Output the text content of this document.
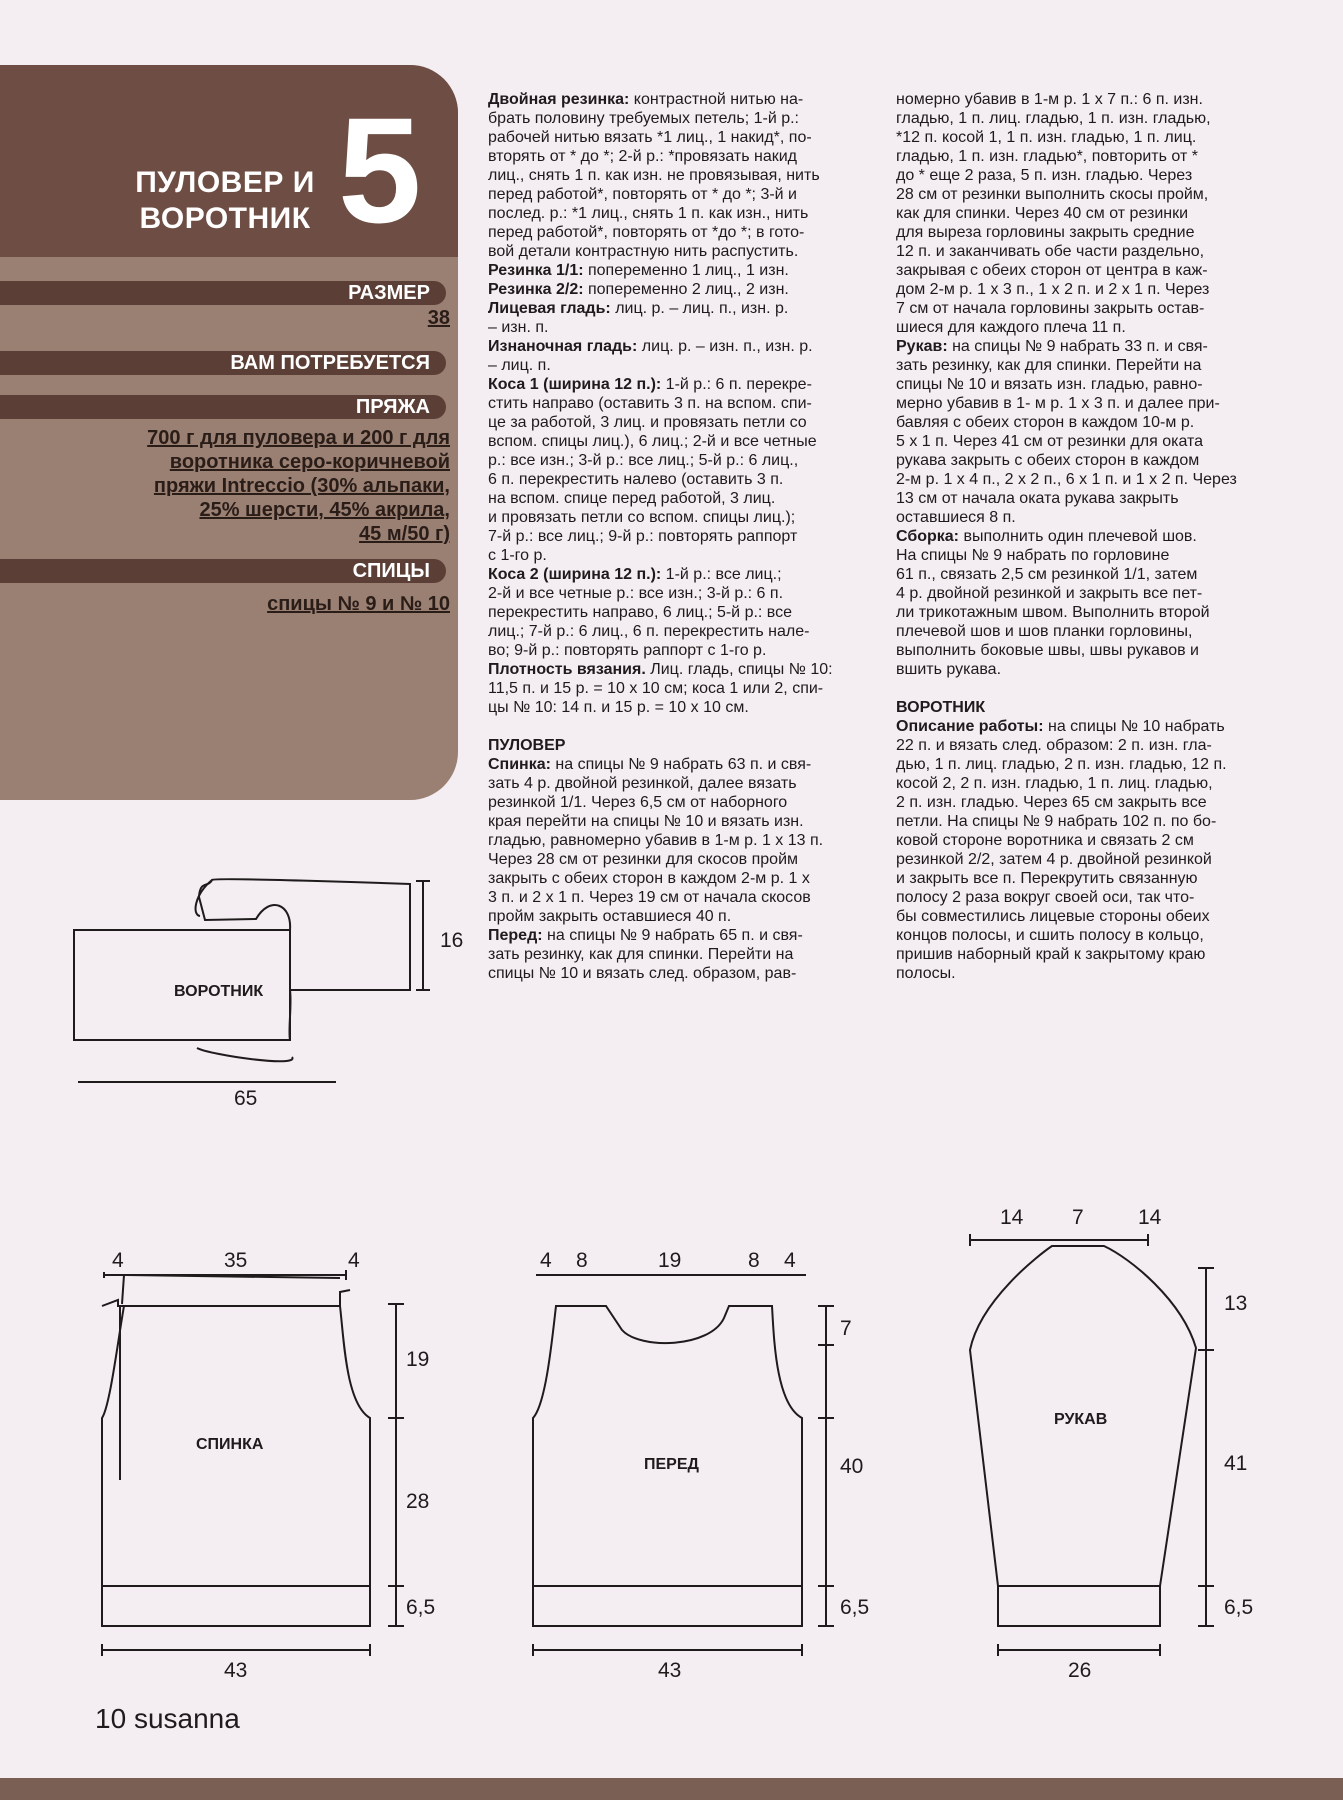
ПУЛОВЕР И
ВОРОТНИК 5
РАЗМЕР
38
ВАМ ПОТРЕБУЕТСЯ
ПРЯЖА
700 г для пуловера и 200 г для
воротника серо-коричневой
пряжи Intreccio (30% альпаки,
25% шерсти, 45% акрила,
45 м/50 г)
СПИЦЫ
спицы № 9 и № 10

Двойная резинка: контрастной нитью на-

брать половину требуемых петель; 1-й р.:

рабочей нитью вязать *1 лиц., 1 накид*, по-

вторять от * до *; 2-й р.: *провязать накид

лиц., снять 1 п. как изн. не провязывая, нить

перед работой*, повторять от * до *; 3-й и

послед. р.: *1 лиц., снять 1 п. как изн., нить

перед работой*, повторять от *до *; в гото-

вой детали контрастную нить распустить.

Резинка 1/1: попеременно 1 лиц., 1 изн.

Резинка 2/2: попеременно 2 лиц., 2 изн.

Лицевая гладь: лиц. р. – лиц. п., изн. р.

– изн. п.

Изнаночная гладь: лиц. р. – изн. п., изн. р.

– лиц. п.

Коса 1 (ширина 12 п.): 1-й р.: 6 п. перекре-

стить направо (оставить 3 п. на вспом. спи-

це за работой, 3 лиц. и провязать петли со

вспом. спицы лиц.), 6 лиц.; 2-й и все четные

р.: все изн.; 3-й р.: все лиц.; 5-й р.: 6 лиц.,

6 п. перекрестить налево (оставить 3 п.

на вспом. спице перед работой, 3 лиц.

и провязать петли со вспом. спицы лиц.);

7-й р.: все лиц.; 9-й р.: повторять раппорт

с 1-го р.

Коса 2 (ширина 12 п.): 1-й р.: все лиц.;

2-й и все четные р.: все изн.; 3-й р.: 6 п.

перекрестить направо, 6 лиц.; 5-й р.: все

лиц.; 7-й р.: 6 лиц., 6 п. перекрестить нале-

во; 9-й р.: повторять раппорт с 1-го р.

Плотность вязания. Лиц. гладь, спицы № 10:

11,5 п. и 15 р. = 10 х 10 см; коса 1 или 2, спи-

цы № 10: 14 п. и 15 р. = 10 х 10 см.

ПУЛОВЕР

Спинка: на спицы № 9 набрать 63 п. и свя-

зать 4 р. двойной резинкой, далее вязать

резинкой 1/1. Через 6,5 см от наборного

края перейти на спицы № 10 и вязать изн.

гладью, равномерно убавив в 1-м р. 1 х 13 п.

Через 28 см от резинки для скосов пройм

закрыть с обеих сторон в каждом 2-м р. 1 х

3 п. и 2 х 1 п. Через 19 см от начала скосов

пройм закрыть оставшиеся 40 п.

Перед: на спицы № 9 набрать 65 п. и свя-

зать резинку, как для спинки. Перейти на

спицы № 10 и вязать след. образом, рав-

номерно убавив в 1-м р. 1 х 7 п.: 6 п. изн.

гладью, 1 п. лиц. гладью, 1 п. изн. гладью,

*12 п. косой 1, 1 п. изн. гладью, 1 п. лиц.

гладью, 1 п. изн. гладью*, повторить от *

до * еще 2 раза, 5 п. изн. гладью. Через

28 см от резинки выполнить скосы пройм,

как для спинки. Через 40 см от резинки

для выреза горловины закрыть средние

12 п. и заканчивать обе части раздельно,

закрывая с обеих сторон от центра в каж-

дом 2-м р. 1 х 3 п., 1 х 2 п. и 2 х 1 п. Через

7 см от начала горловины закрыть остав-

шиеся для каждого плеча 11 п.

Рукав: на спицы № 9 набрать 33 п. и свя-

зать резинку, как для спинки. Перейти на

спицы № 10 и вязать изн. гладью, равно-

мерно убавив в 1- м р. 1 х 3 п. и далее при-

бавляя с обеих сторон в каждом 10-м р.

5 х 1 п. Через 41 см от резинки для оката

рукава закрыть с обеих сторон в каждом

2-м р. 1 х 4 п., 2 х 2 п., 6 х 1 п. и 1 х 2 п. Через

13 см от начала оката рукава закрыть

оставшиеся 8 п.

Сборка: выполнить один плечевой шов.

На спицы № 9 набрать по горловине

61 п., связать 2,5 см резинкой 1/1, затем

4 р. двойной резинкой и закрыть все пет-

ли трикотажным швом. Выполнить второй

плечевой шов и шов планки горловины,

выполнить боковые швы, швы рукавов и

вшить рукава.

ВОРОТНИК

Описание работы: на спицы № 10 набрать

22 п. и вязать след. образом: 2 п. изн. гла-

дью, 1 п. лиц. гладью, 2 п. изн. гладью, 12 п.

косой 2, 2 п. изн. гладью, 1 п. лиц. гладью,

2 п. изн. гладью. Через 65 см закрыть все

петли. На спицы № 9 набрать 102 п. по бо-

ковой стороне воротника и связать 2 см

резинкой 2/2, затем 4 р. двойной резинкой

и закрыть все п. Перекрутить связанную

полосу 2 раза вокруг своей оси, так что-

бы совместились лицевые стороны обеих

концов полосы, и сшить полосу в кольцо,

пришив наборный край к закрытому краю

полосы.

ВОРОТНИК
16
65
СПИНКА
4	35	4
19
28
6,5
43
ПЕРЕД
4 8	19	8 4
7
40
6,5
43
РУКАВ
14 7	14
13
41
6,5
26
10 susanna
